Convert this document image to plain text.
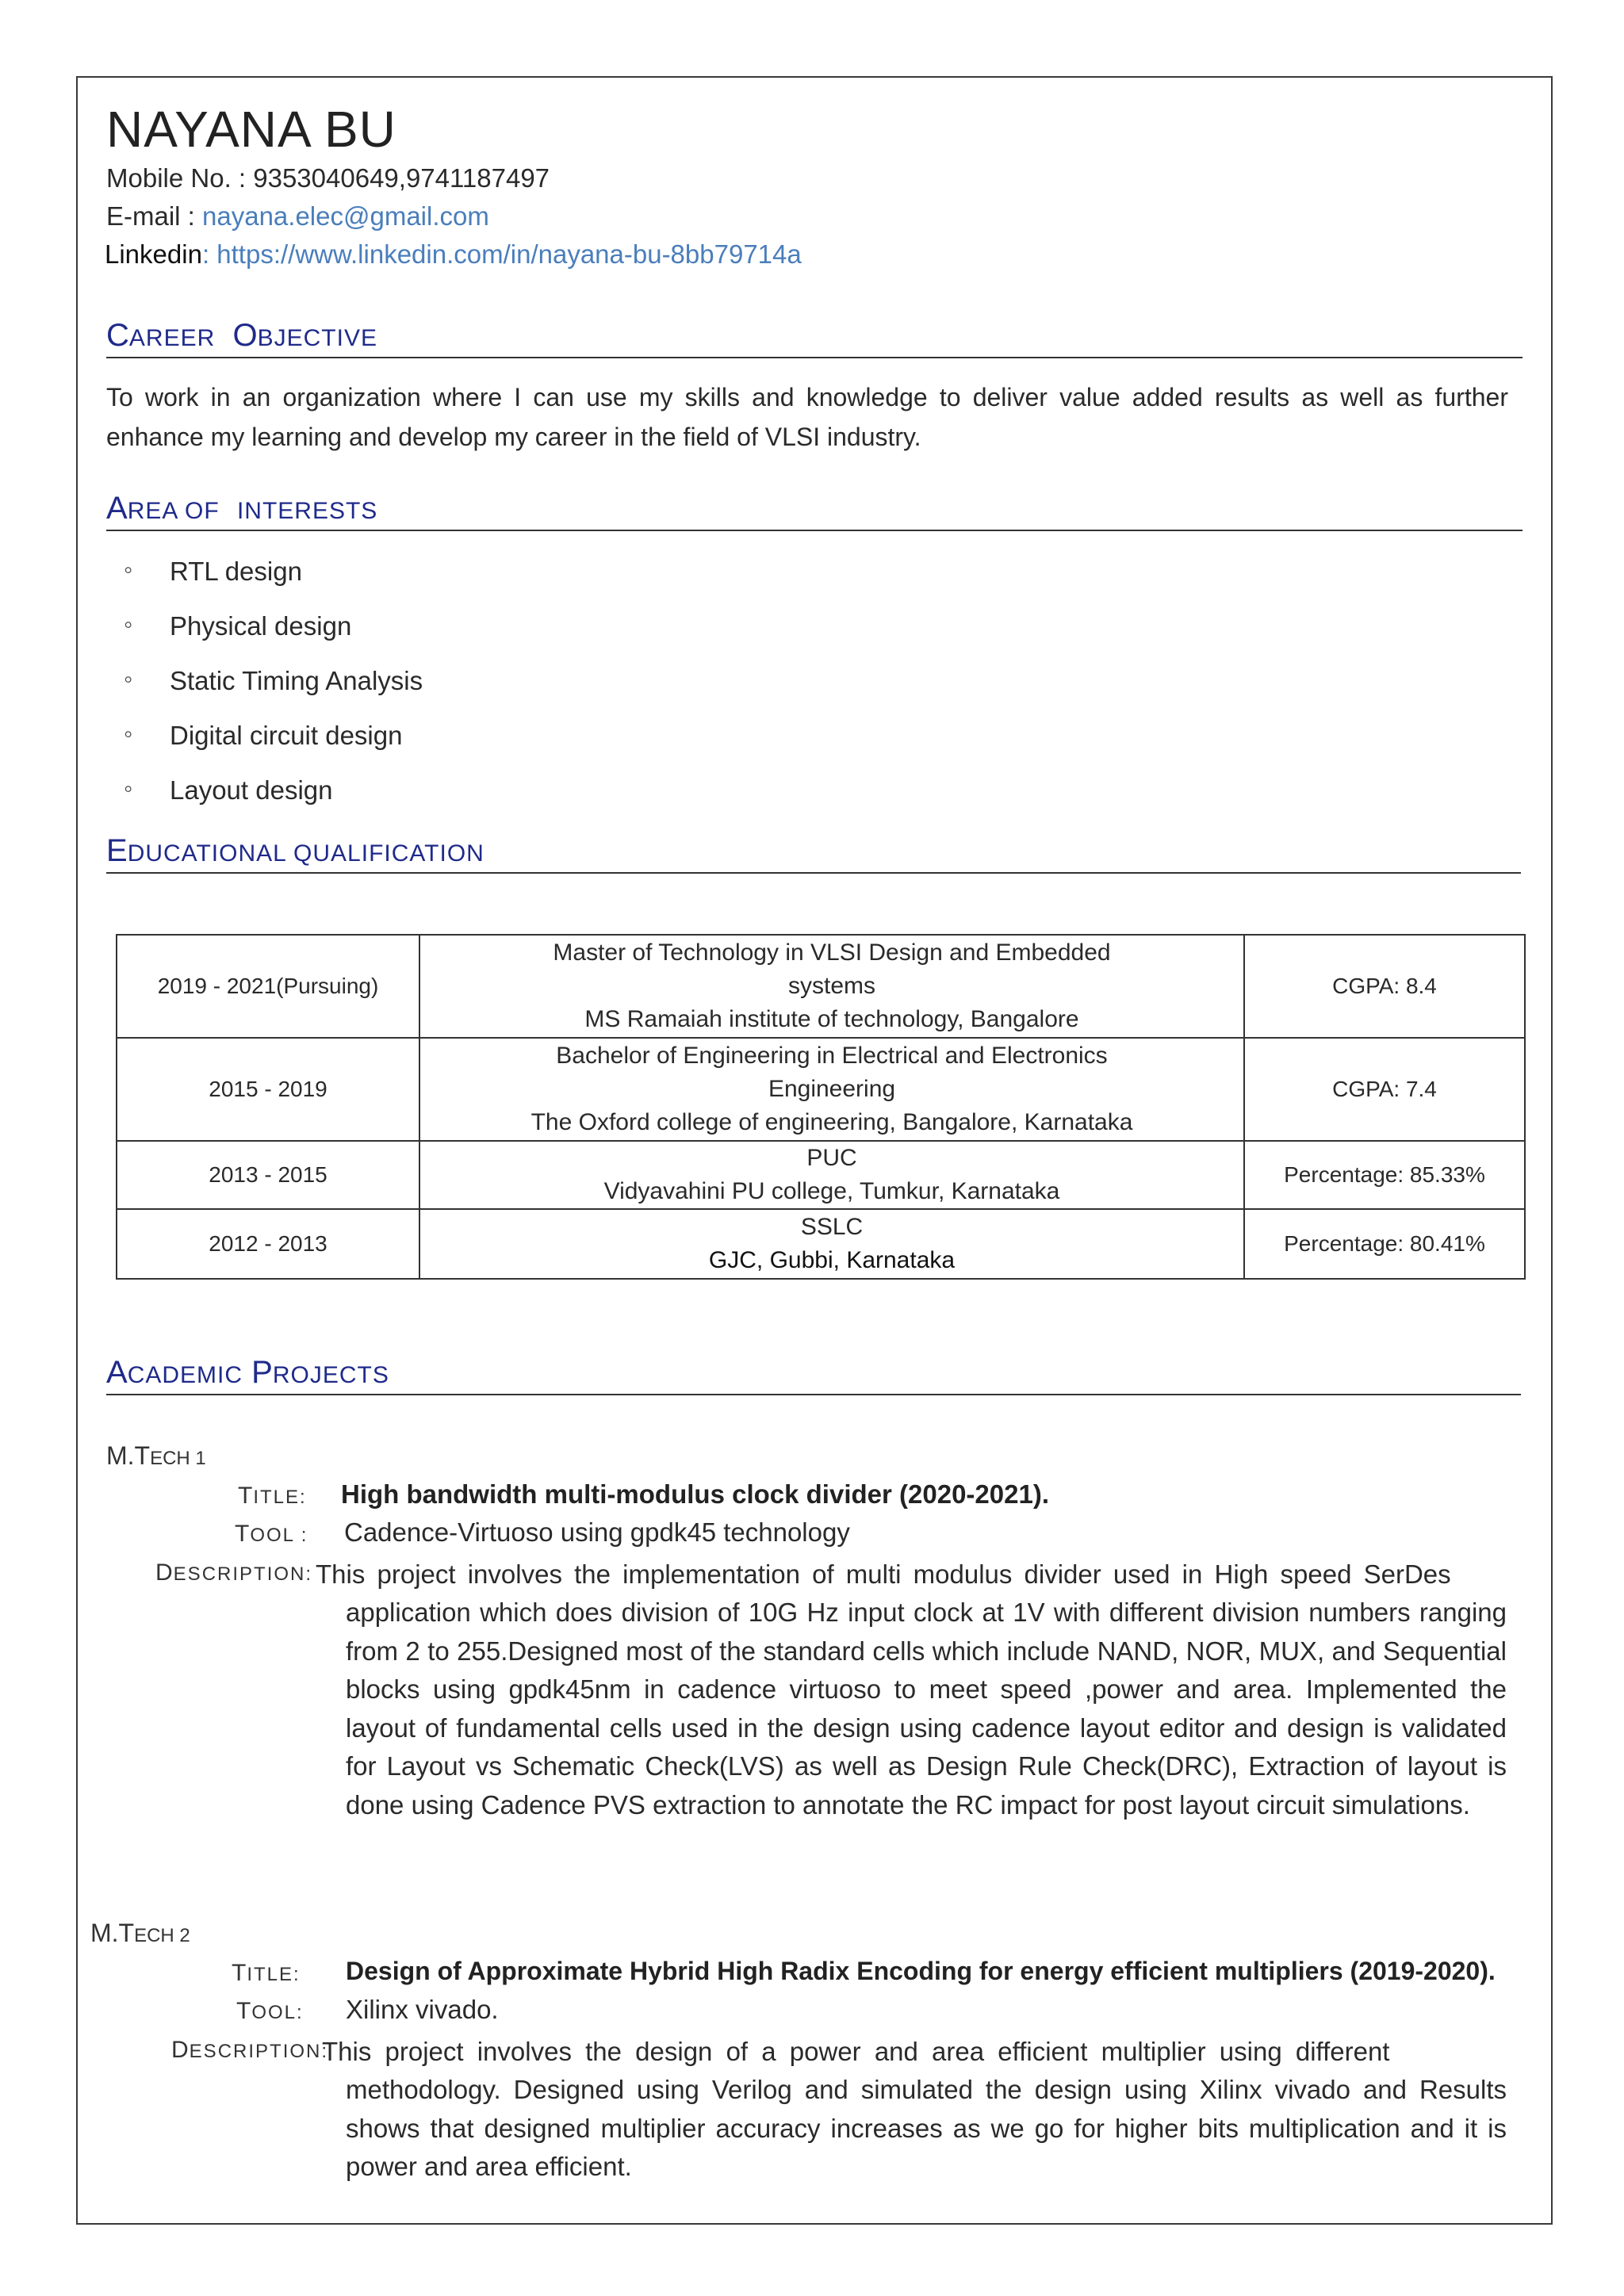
NAYANA BU
Mobile No. : 9353040649,9741187497
E-mail : nayana.elec@gmail.com
Linkedin: https://www.linkedin.com/in/nayana-bu-8bb79714a
CAREER OBJECTIVE
To work in an organization where I can use my skills and knowledge to deliver value added results as well as further enhance my learning and develop my career in the field of VLSI industry.
AREA OF INTERESTS
◦ RTL design
◦ Physical design
◦ Static Timing Analysis
◦ Digital circuit design
◦ Layout design
EDUCATIONAL QUALIFICATION
2019 - 2021(Pursuing)	Master of Technology in VLSI Design and Embedded
systems
MS Ramaiah institute of technology, Bangalore	CGPA: 8.4
2015 - 2019	Bachelor of Engineering in Electrical and Electronics
Engineering
The Oxford college of engineering, Bangalore, Karnataka	CGPA: 7.4
2013 - 2015	PUC
Vidyavahini PU college, Tumkur, Karnataka	Percentage: 85.33%
2012 - 2013	SSLC
GJC, Gubbi, Karnataka	Percentage: 80.41%
ACADEMIC PROJECTS
M.TECH 1
TITLE: High bandwidth multi-modulus clock divider (2020-2021).
TOOL : Cadence-Virtuoso using gpdk45 technology
DESCRIPTION: This project involves the implementation of multi modulus divider used in High speed SerDes
application which does division of 10G Hz input clock at 1V with different division numbers ranging from 2 to 255.Designed most of the standard cells which include NAND, NOR, MUX, and Sequential blocks using gpdk45nm in cadence virtuoso to meet speed ,power and area. Implemented the layout of fundamental cells used in the design using cadence layout editor and design is validated for Layout vs Schematic Check(LVS) as well as Design Rule Check(DRC), Extraction of layout is done using Cadence PVS extraction to annotate the RC impact for post layout circuit simulations.
M.TECH 2
TITLE: Design of Approximate Hybrid High Radix Encoding for energy efficient multipliers (2019-2020).
TOOL: Xilinx vivado.
DESCRIPTION:
This project involves the design of a power and area efficient multiplier using different
methodology. Designed using Verilog and simulated the design using Xilinx vivado and Results shows that designed multiplier accuracy increases as we go for higher bits multiplication and it is power and area efficient.
